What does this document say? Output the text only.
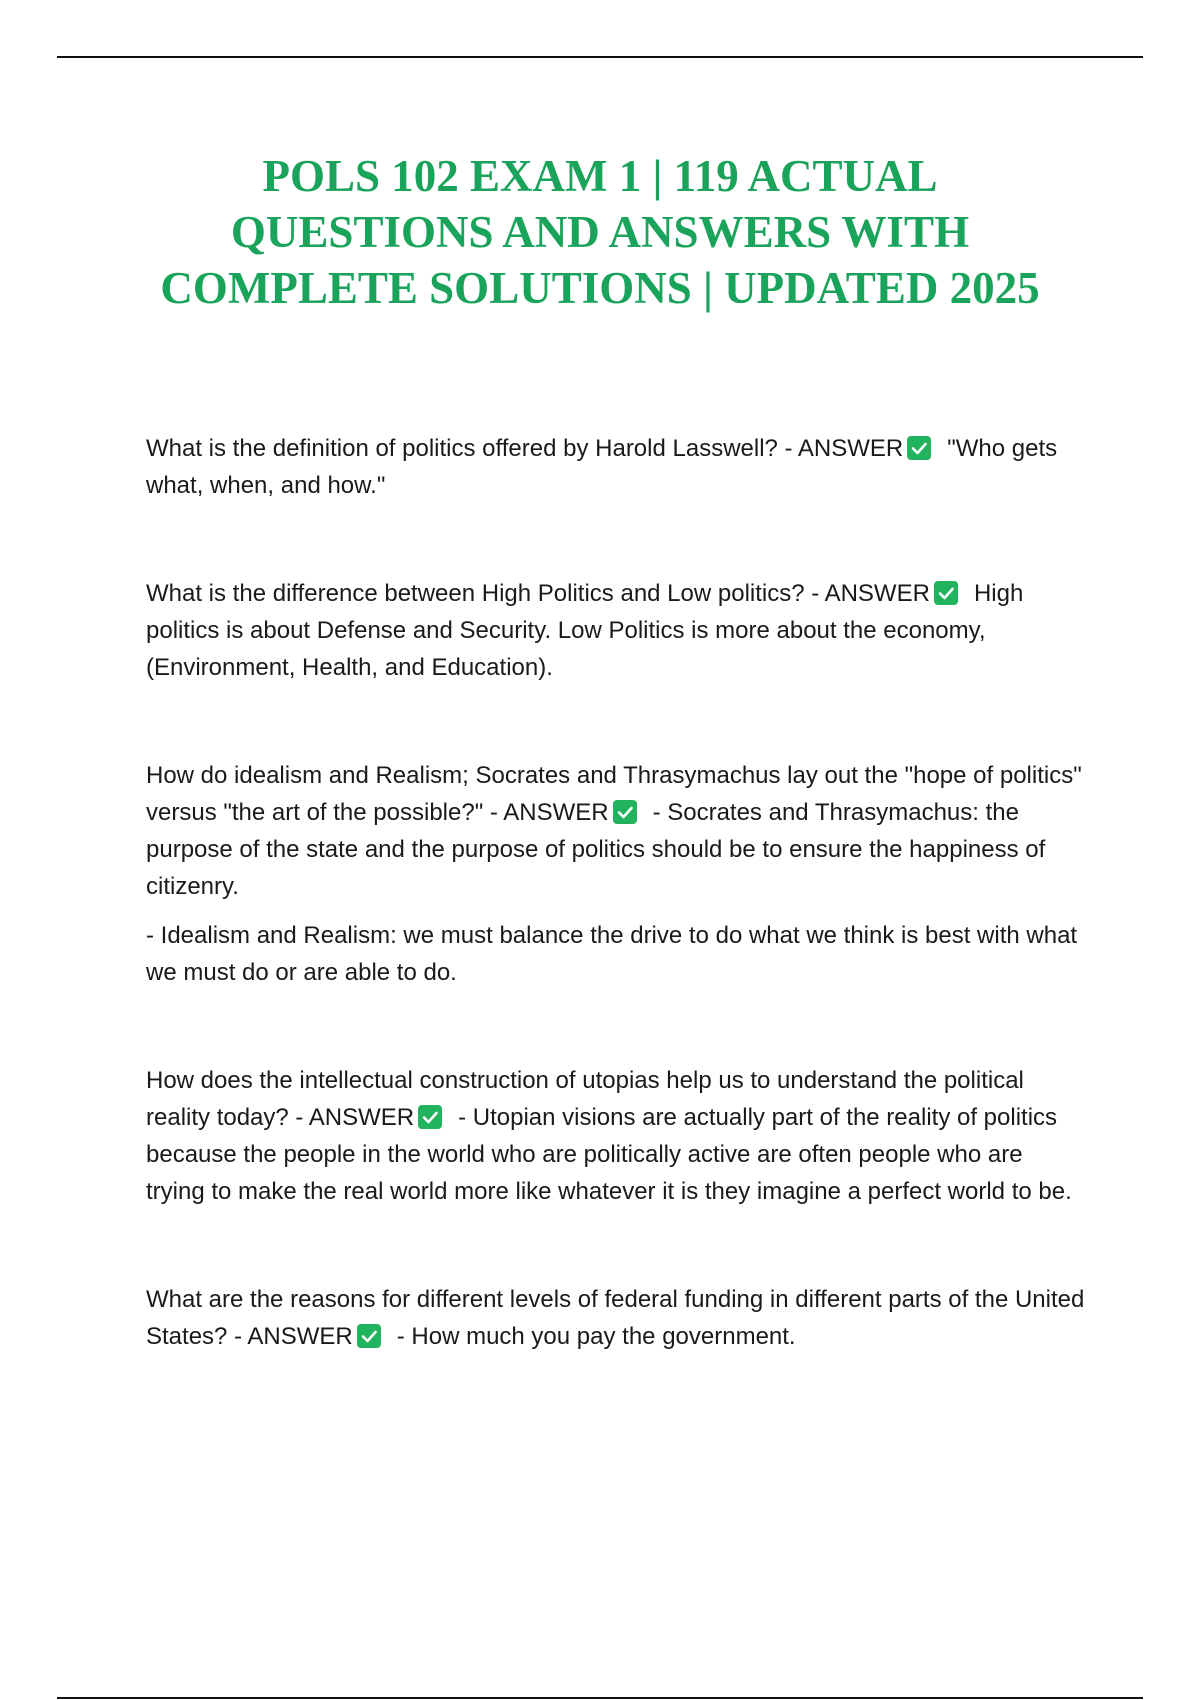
POLS 102 EXAM 1 | 119 ACTUAL QUESTIONS AND ANSWERS WITH COMPLETE SOLUTIONS | UPDATED 2025

What is the definition of politics offered by Harold Lasswell? - ANSWER "Who gets what, when, and how."

What is the difference between High Politics and Low politics? - ANSWER High politics is about Defense and Security. Low Politics is more about the economy, (Environment, Health, and Education).

How do idealism and Realism; Socrates and Thrasymachus lay out the "hope of politics" versus "the art of the possible?" - ANSWER - Socrates and Thrasymachus: the purpose of the state and the purpose of politics should be to ensure the happiness of citizenry.

- Idealism and Realism: we must balance the drive to do what we think is best with what we must do or are able to do.

How does the intellectual construction of utopias help us to understand the political reality today? - ANSWER - Utopian visions are actually part of the reality of politics because the people in the world who are politically active are often people who are trying to make the real world more like whatever it is they imagine a perfect world to be.

What are the reasons for different levels of federal funding in different parts of the United States? - ANSWER - How much you pay the government.
